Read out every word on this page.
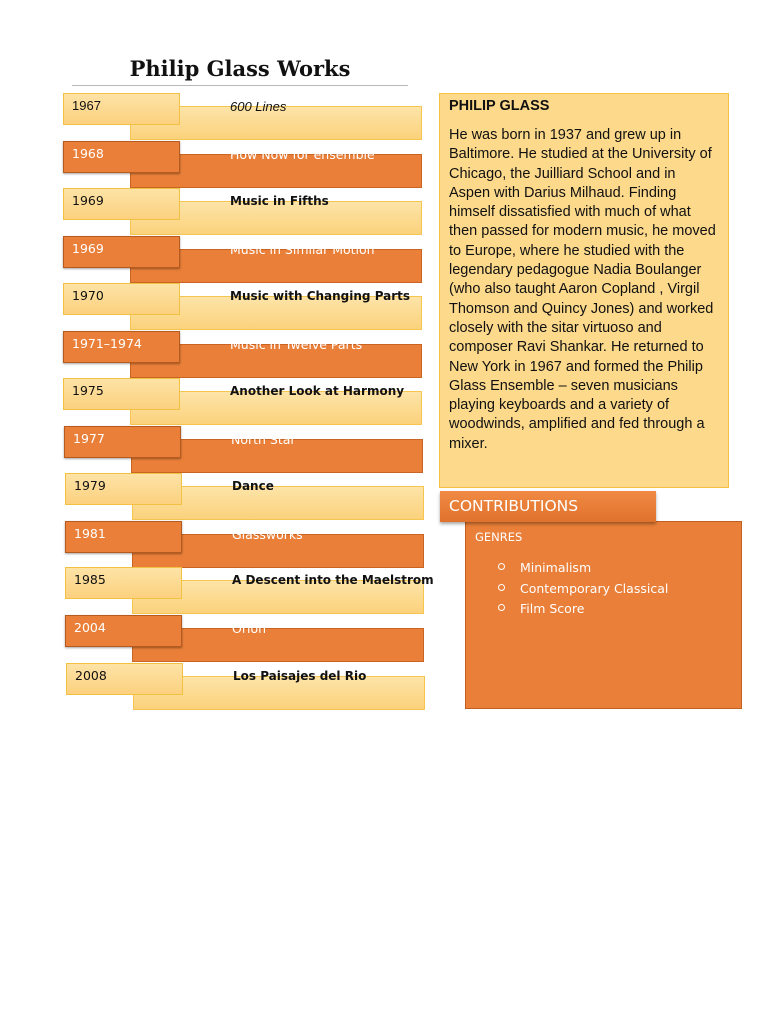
Philip Glass Works
1967	600 Lines
1968	How Now for ensemble
1969	Music in Fifths
1969	Music in Similar Motion
1970	Music with Changing Parts
1971–1974	Music in Twelve Parts
1975	Another Look at Harmony
1977	North Star
1979	Dance
1981	Glassworks
1985	A Descent into the Maelstrom
2004	Orion
2008	Los Paisajes del Rio

PHILIP GLASS

He was born in 1937 and grew up in Baltimore. He studied at the University of Chicago, the Juilliard School and in Aspen with Darius Milhaud. Finding himself dissatisfied with much of what then passed for modern music, he moved to Europe, where he studied with the legendary pedagogue Nadia Boulanger (who also taught Aaron Copland , Virgil Thomson and Quincy Jones) and worked closely with the sitar virtuoso and composer Ravi Shankar. He returned to New York in 1967 and formed the Philip Glass Ensemble – seven musicians playing keyboards and a variety of woodwinds, amplified and fed through a mixer.

GENRES
Minimalism
Contemporary Classical
Film Score
CONTRIBUTIONS
